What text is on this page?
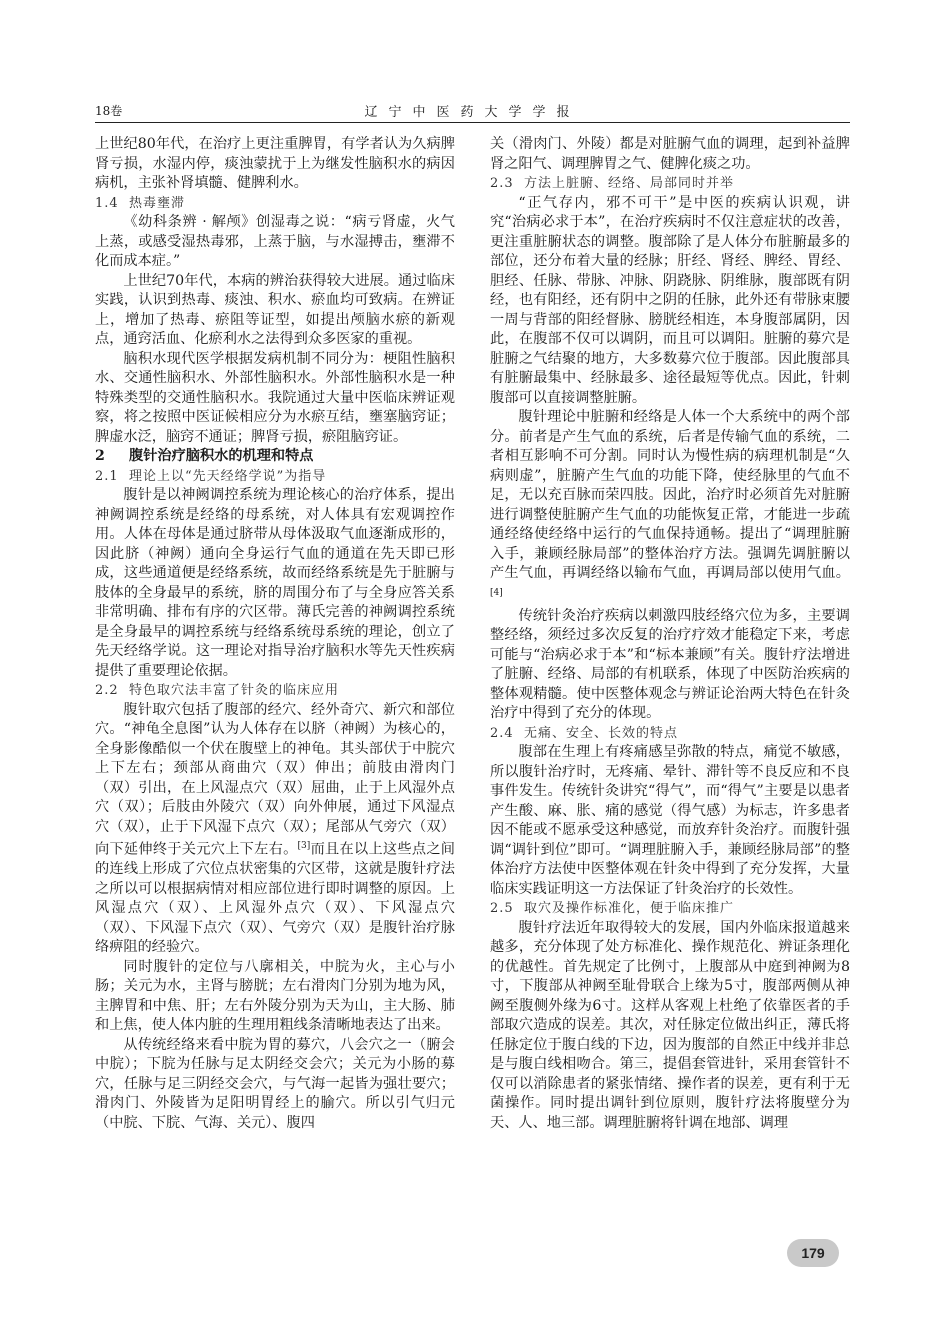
18卷	辽宁中医药大学学报

上世纪80年代，在治疗上更注重脾胃，有学者认为久病脾肾亏损，水湿内停，痰浊蒙扰于上为继发性脑积水的病因病机，主张补肾填髓、健脾利水。

1.4 热毒壅滞

《幼科条辨 · 解颅》创湿毒之说：“病亏肾虚，火气上蒸，或感受湿热毒邪，上蒸于脑，与水湿搏击，壅滞不化而成本症。”

上世纪70年代，本病的辨治获得较大进展。通过临床实践，认识到热毒、痰浊、积水、瘀血均可致病。在辨证上，增加了热毒、瘀阻等证型，如提出颅脑水瘀的新观点，通窍活血、化瘀利水之法得到众多医家的重视。

脑积水现代医学根据发病机制不同分为：梗阻性脑积水、交通性脑积水、外部性脑积水。外部性脑积水是一种特殊类型的交通性脑积水。我院通过大量中医临床辨证观察，将之按照中医证候相应分为水瘀互结，壅塞脑窍证；脾虚水泛，脑窍不通证；脾肾亏损，瘀阻脑窍证。

2 腹针治疗脑积水的机理和特点
2.1 理论上以“先天经络学说”为指导

腹针是以神阙调控系统为理论核心的治疗体系，提出神阙调控系统是经络的母系统，对人体具有宏观调控作用。人体在母体是通过脐带从母体汲取气血逐渐成形的，因此脐（神阙）通向全身运行气血的通道在先天即已形成，这些通道便是经络系统，故而经络系统是先于脏腑与肢体的全身最早的系统，脐的周围分布了与全身应答关系非常明确、排布有序的穴区带。薄氏完善的神阙调控系统是全身最早的调控系统与经络系统母系统的理论，创立了先天经络学说。这一理论对指导治疗脑积水等先天性疾病提供了重要理论依据。

2.2 特色取穴法丰富了针灸的临床应用

腹针取穴包括了腹部的经穴、经外奇穴、新穴和部位穴。“神龟全息图”认为人体存在以脐（神阙）为核心的，全身影像酷似一个伏在腹壁上的神龟。其头部伏于中脘穴上下左右；颈部从商曲穴（双）伸出；前肢由滑肉门（双）引出，在上风湿点穴（双）屈曲，止于上风湿外点穴（双）；后肢由外陵穴（双）向外伸展，通过下风湿点穴（双），止于下风湿下点穴（双）；尾部从气旁穴（双）向下延伸终于关元穴上下左右。[3]而且在以上这些点之间的连线上形成了穴位点状密集的穴区带，这就是腹针疗法之所以可以根据病情对相应部位进行即时调整的原因。上风湿点穴（双）、上风湿外点穴（双）、下风湿点穴（双）、下风湿下点穴（双）、气旁穴（双）是腹针治疗脉络痹阻的经验穴。

同时腹针的定位与八廓相关，中脘为火，主心与小肠；关元为水，主肾与膀胱；左右滑肉门分别为地为风，主脾胃和中焦、肝；左右外陵分别为天为山，主大肠、肺和上焦，使人体内脏的生理用粗线条清晰地表达了出来。

从传统经络来看中脘为胃的募穴，八会穴之一（腑会中脘）；下脘为任脉与足太阴经交会穴；关元为小肠的募穴，任脉与足三阴经交会穴，与气海一起皆为强壮要穴；滑肉门、外陵皆为足阳明胃经上的腧穴。所以引气归元（中脘、下脘、气海、关元）、腹四

关（滑肉门、外陵）都是对脏腑气血的调理，起到补益脾肾之阳气、调理脾胃之气、健脾化痰之功。

2.3 方法上脏腑、经络、局部同时并举

“正气存内，邪不可干”是中医的疾病认识观，讲究“治病必求于本”，在治疗疾病时不仅注意症状的改善，更注重脏腑状态的调整。腹部除了是人体分布脏腑最多的部位，还分布着大量的经脉；肝经、肾经、脾经、胃经、胆经、任脉、带脉、冲脉、阴跷脉、阴维脉，腹部既有阴经，也有阳经，还有阴中之阴的任脉，此外还有带脉束腰一周与背部的阳经督脉、膀胱经相连，本身腹部属阴，因此，在腹部不仅可以调阴，而且可以调阳。脏腑的募穴是脏腑之气结聚的地方，大多数募穴位于腹部。因此腹部具有脏腑最集中、经脉最多、途径最短等优点。因此，针刺腹部可以直接调整脏腑。

腹针理论中脏腑和经络是人体一个大系统中的两个部分。前者是产生气血的系统，后者是传输气血的系统，二者相互影响不可分割。同时认为慢性病的病理机制是“久病则虚”，脏腑产生气血的功能下降，使经脉里的气血不足，无以充百脉而荣四肢。因此，治疗时必须首先对脏腑进行调整使脏腑产生气血的功能恢复正常，才能进一步疏通经络使经络中运行的气血保持通畅。提出了“调理脏腑入手，兼顾经脉局部”的整体治疗方法。强调先调脏腑以产生气血，再调经络以输布气血，再调局部以使用气血。[4]

传统针灸治疗疾病以刺激四肢经络穴位为多，主要调整经络，须经过多次反复的治疗疗效才能稳定下来，考虑可能与“治病必求于本”和“标本兼顾”有关。腹针疗法增进了脏腑、经络、局部的有机联系，体现了中医防治疾病的整体观精髓。使中医整体观念与辨证论治两大特色在针灸治疗中得到了充分的体现。

2.4 无痛、安全、长效的特点

腹部在生理上有疼痛感呈弥散的特点，痛觉不敏感，所以腹针治疗时，无疼痛、晕针、滞针等不良反应和不良事件发生。传统针灸讲究“得气”，而“得气”主要是以患者产生酸、麻、胀、痛的感觉（得气感）为标志，许多患者因不能或不愿承受这种感觉，而放弃针灸治疗。而腹针强调“调针到位”即可。“调理脏腑入手，兼顾经脉局部”的整体治疗方法使中医整体观在针灸中得到了充分发挥，大量临床实践证明这一方法保证了针灸治疗的长效性。

2.5 取穴及操作标准化，便于临床推广

腹针疗法近年取得较大的发展，国内外临床报道越来越多，充分体现了处方标准化、操作规范化、辨证条理化的优越性。首先规定了比例寸，上腹部从中庭到神阙为8寸，下腹部从神阙至耻骨联合上缘为5寸，腹部两侧从神阙至腹侧外缘为6寸。这样从客观上杜绝了依靠医者的手部取穴造成的误差。其次，对任脉定位做出纠正，薄氏将任脉定位于腹白线的下边，因为腹部的自然正中线并非总是与腹白线相吻合。第三，提倡套管进针，采用套管针不仅可以消除患者的紧张情绪、操作者的误差，更有利于无菌操作。同时提出调针到位原则，腹针疗法将腹壁分为天、人、地三部。调理脏腑将针调在地部、调理

179
